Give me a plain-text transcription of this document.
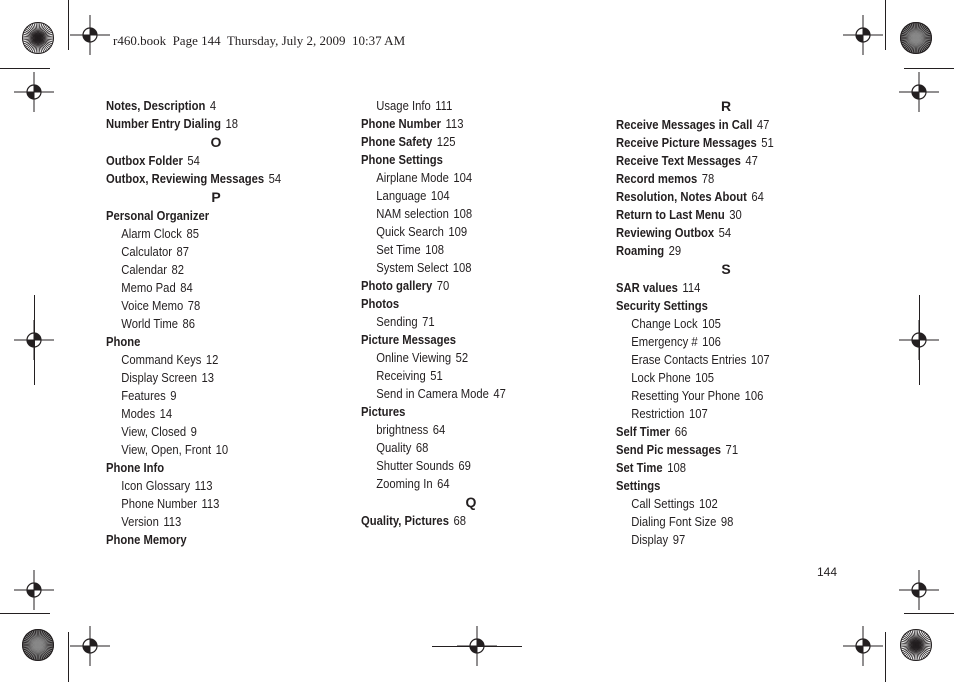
r460.book  Page 144  Thursday, July 2, 2009  10:37 AM
Notes, Description 4
Number Entry Dialing 18
O
Outbox Folder 54
Outbox, Reviewing Messages 54
P
Personal Organizer
Alarm Clock 85
Calculator 87
Calendar 82
Memo Pad 84
Voice Memo 78
World Time 86
Phone
Command Keys 12
Display Screen 13
Features 9
Modes 14
View, Closed 9
View, Open, Front 10
Phone Info
Icon Glossary 113
Phone Number 113
Version 113
Phone Memory
Usage Info 111
Phone Number 113
Phone Safety 125
Phone Settings
Airplane Mode 104
Language 104
NAM selection 108
Quick Search 109
Set Time 108
System Select 108
Photo gallery 70
Photos
Sending 71
Picture Messages
Online Viewing 52
Receiving 51
Send in Camera Mode 47
Pictures
brightness 64
Quality 68
Shutter Sounds 69
Zooming In 64
Q
Quality, Pictures 68
R
Receive Messages in Call 47
Receive Picture Messages 51
Receive Text Messages 47
Record memos 78
Resolution, Notes About 64
Return to Last Menu 30
Reviewing Outbox 54
Roaming 29
S
SAR values 114
Security Settings
Change Lock 105
Emergency # 106
Erase Contacts Entries 107
Lock Phone 105
Resetting Your Phone 106
Restriction 107
Self Timer 66
Send Pic messages 71
Set Time 108
Settings
Call Settings 102
Dialing Font Size 98
Display 97
144
